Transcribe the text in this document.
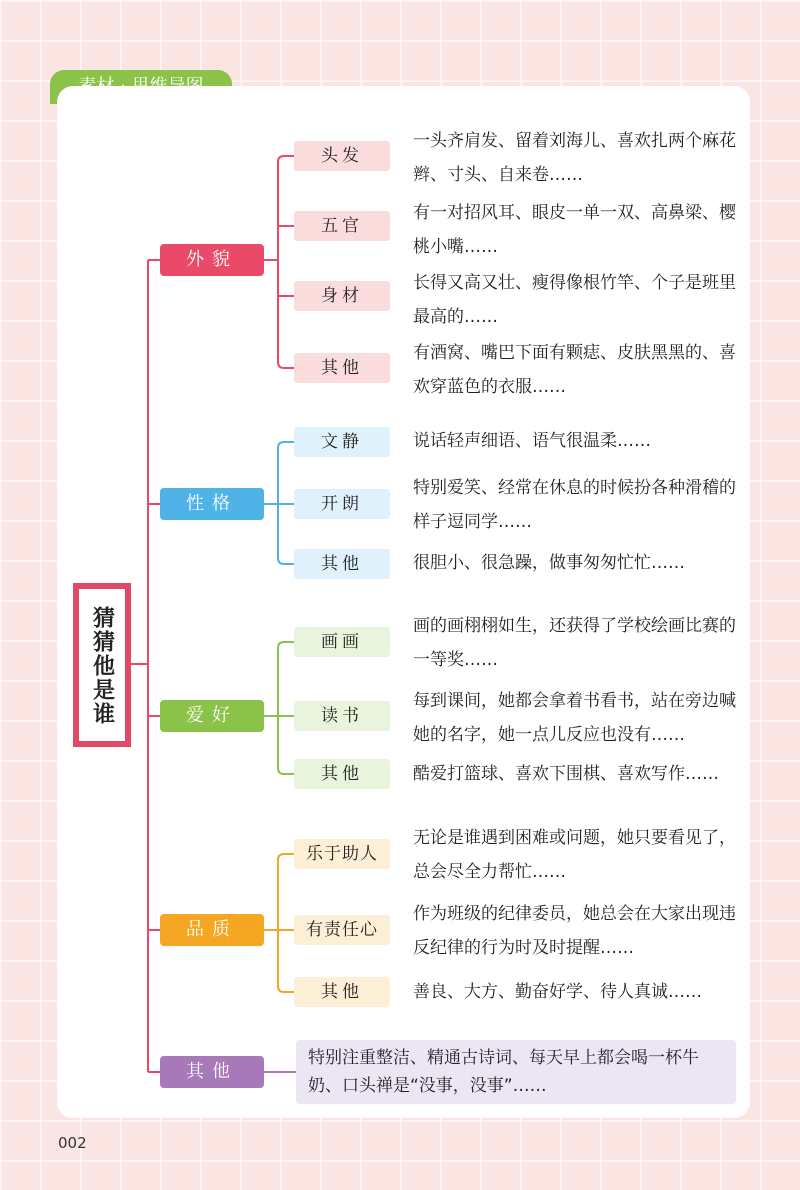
猜猜他是谁
外貌
性格
爱好
品质
其他
头发
五官
身材
其他
一头齐肩发、留着刘海儿、喜欢扎两个麻花辫、寸头、自来卷……
有一对招风耳、眼皮一单一双、高鼻梁、樱桃小嘴……
长得又高又壮、瘦得像根竹竿、个子是班里最高的……
有酒窝、嘴巴下面有颗痣、皮肤黑黑的、喜欢穿蓝色的衣服……
文静
开朗
其他
说话轻声细语、语气很温柔……
特别爱笑、经常在休息的时候扮各种滑稽的样子逗同学……
很胆小、很急躁，做事匆匆忙忙……
画画
读书
其他
画的画栩栩如生，还获得了学校绘画比赛的一等奖……
每到课间，她都会拿着书看书，站在旁边喊她的名字，她一点儿反应也没有……
酷爱打篮球、喜欢下围棋、喜欢写作……
乐于助人
有责任心
其他
无论是谁遇到困难或问题，她只要看见了，总会尽全力帮忙……
作为班级的纪律委员，她总会在大家出现违反纪律的行为时及时提醒……
善良、大方、勤奋好学、待人真诚……
特别注重整洁、精通古诗词、每天早上都会喝一杯牛奶、口头禅是“没事，没事”……
002
